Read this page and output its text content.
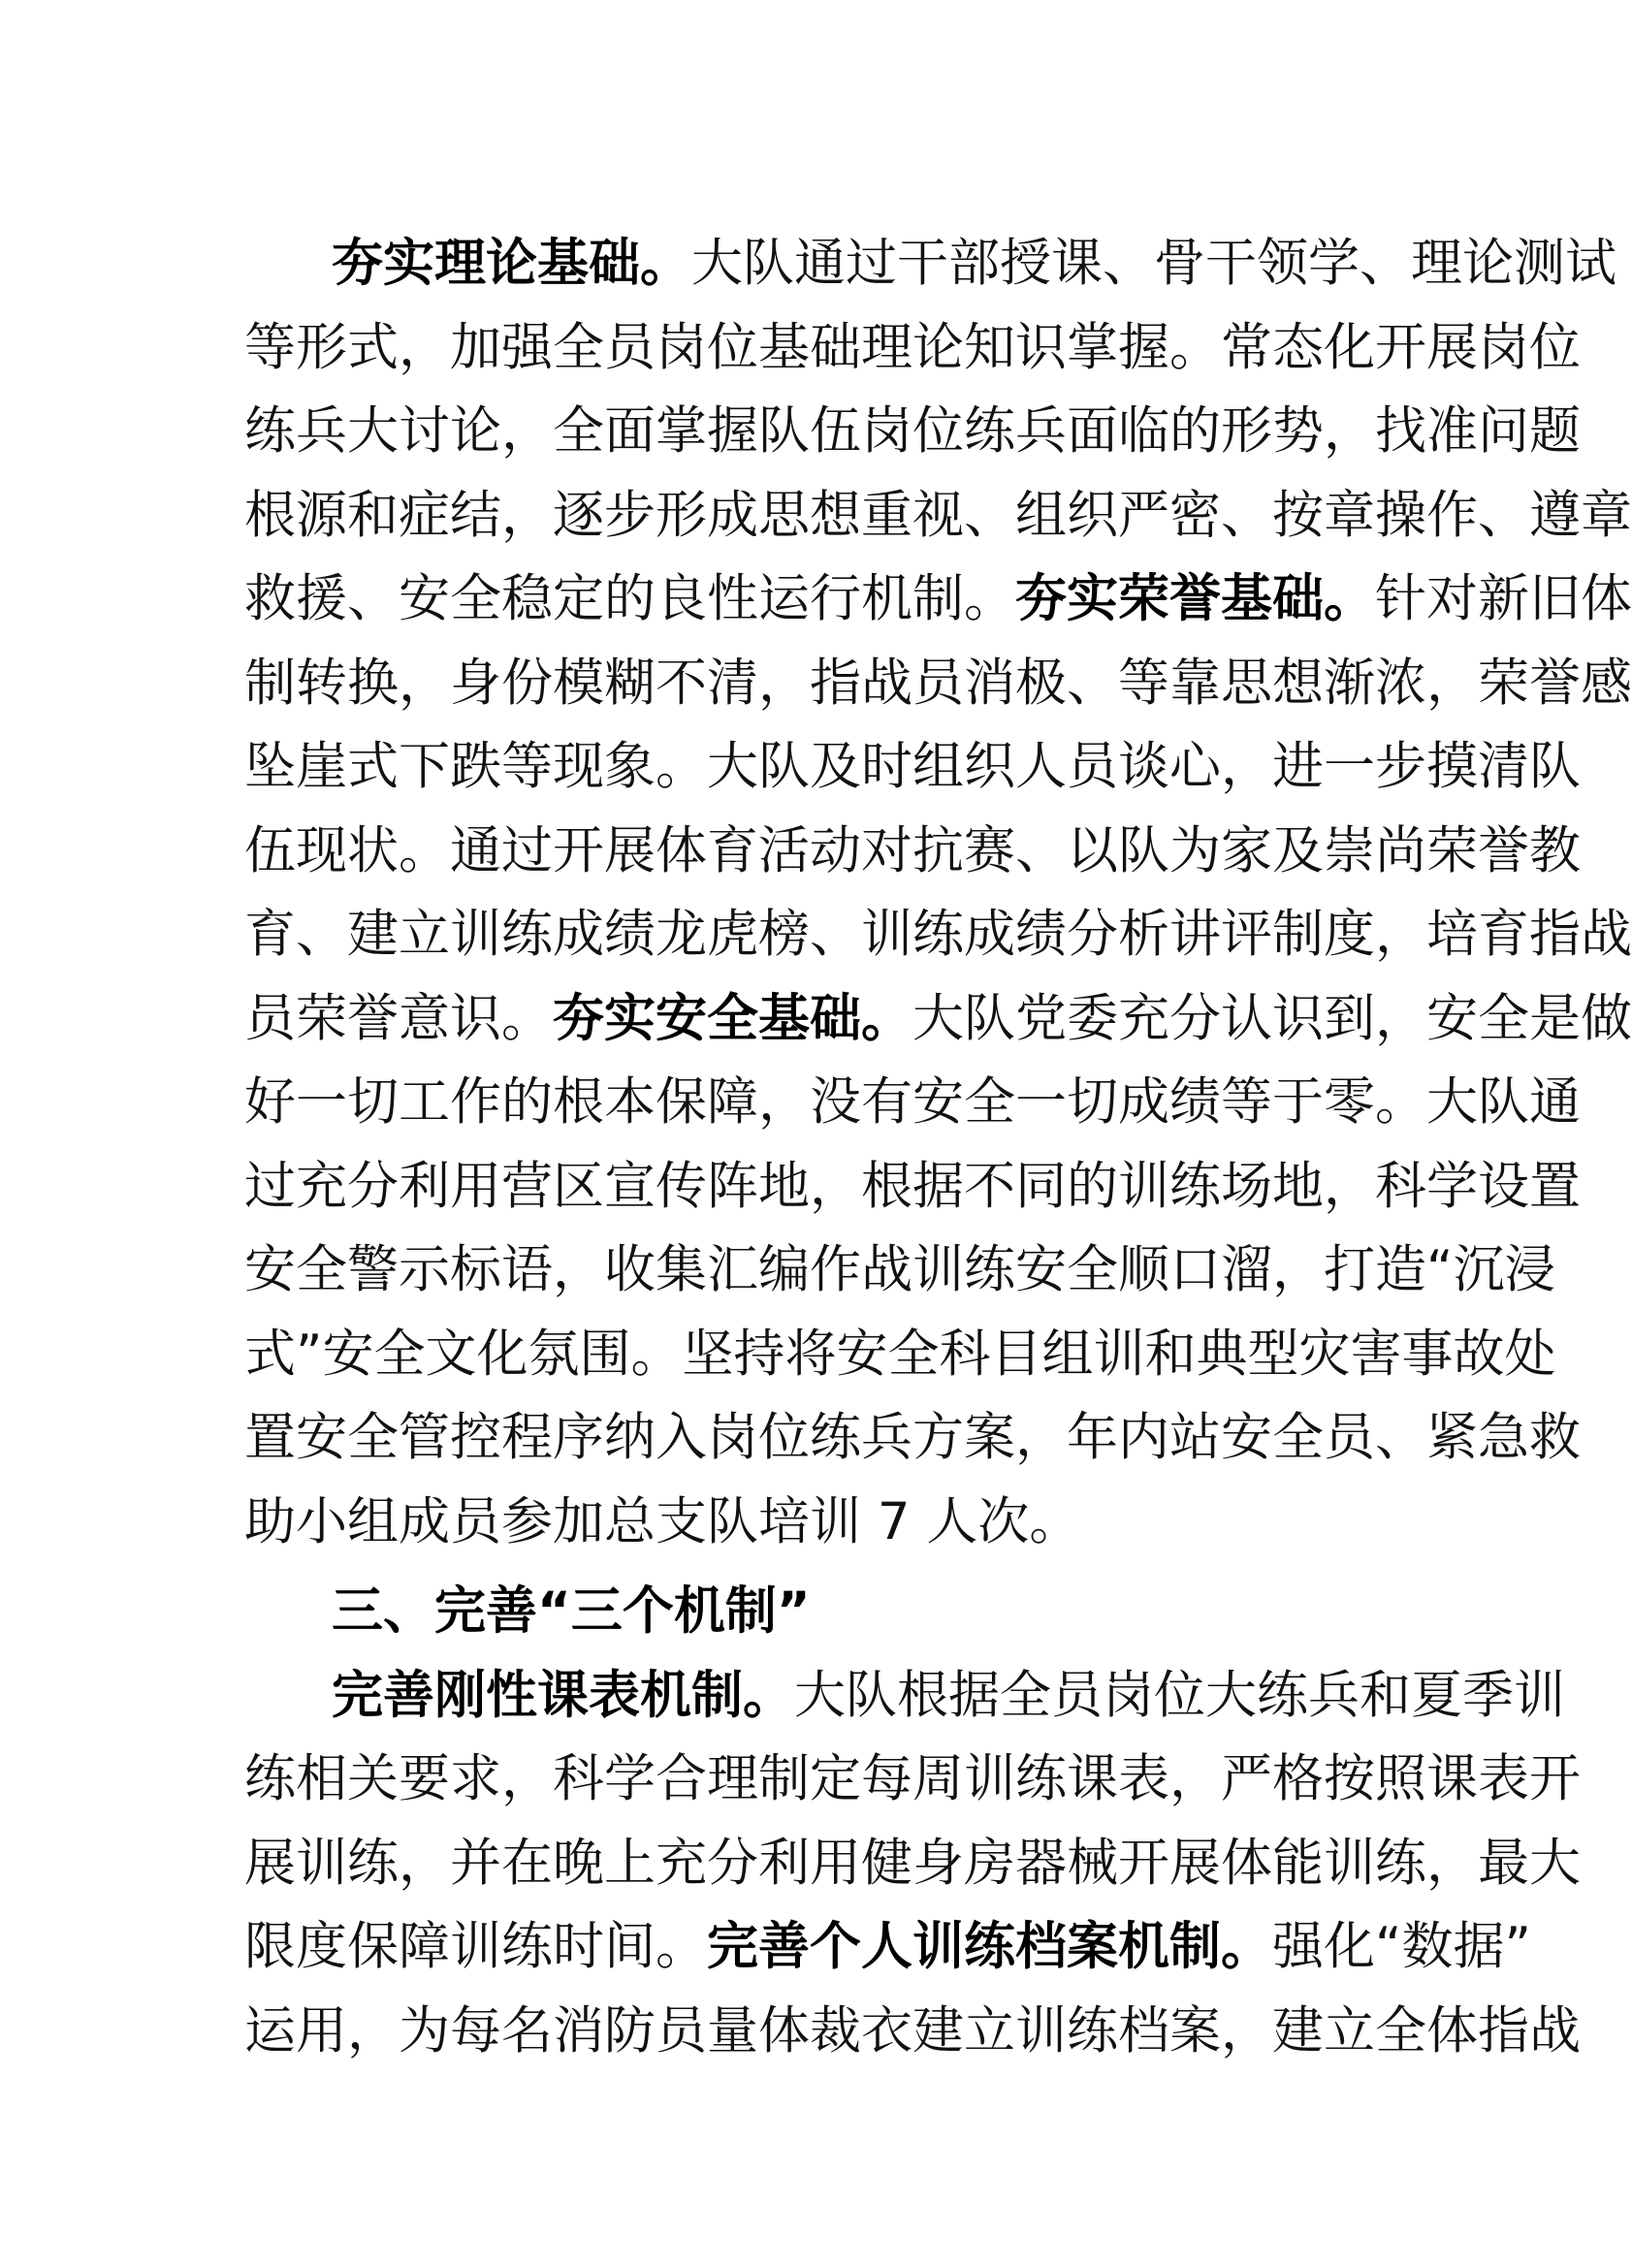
夯实理论基础。大队通过干部授课、骨干领学、理论测试
等形式，加强全员岗位基础理论知识掌握。常态化开展岗位
练兵大讨论，全面掌握队伍岗位练兵面临的形势，找准问题
根源和症结，逐步形成思想重视、组织严密、按章操作、遵章
救援、安全稳定的良性运行机制。夯实荣誉基础。针对新旧体
制转换，身份模糊不清，指战员消极、等靠思想渐浓，荣誉感
坠崖式下跌等现象。大队及时组织人员谈心，进一步摸清队
伍现状。通过开展体育活动对抗赛、以队为家及崇尚荣誉教
育、建立训练成绩龙虎榜、训练成绩分析讲评制度，培育指战
员荣誉意识。夯实安全基础。大队党委充分认识到，安全是做
好一切工作的根本保障，没有安全一切成绩等于零。大队通
过充分利用营区宣传阵地，根据不同的训练场地，科学设置
安全警示标语，收集汇编作战训练安全顺口溜，打造“沉浸
式”安全文化氛围。坚持将安全科目组训和典型灾害事故处
置安全管控程序纳入岗位练兵方案，年内站安全员、紧急救
助小组成员参加总支队培训 7 人次。
三、完善“三个机制”
完善刚性课表机制。大队根据全员岗位大练兵和夏季训
练相关要求，科学合理制定每周训练课表，严格按照课表开
展训练，并在晚上充分利用健身房器械开展体能训练，最大
限度保障训练时间。完善个人训练档案机制。强化“数据”
运用，为每名消防员量体裁衣建立训练档案，建立全体指战
